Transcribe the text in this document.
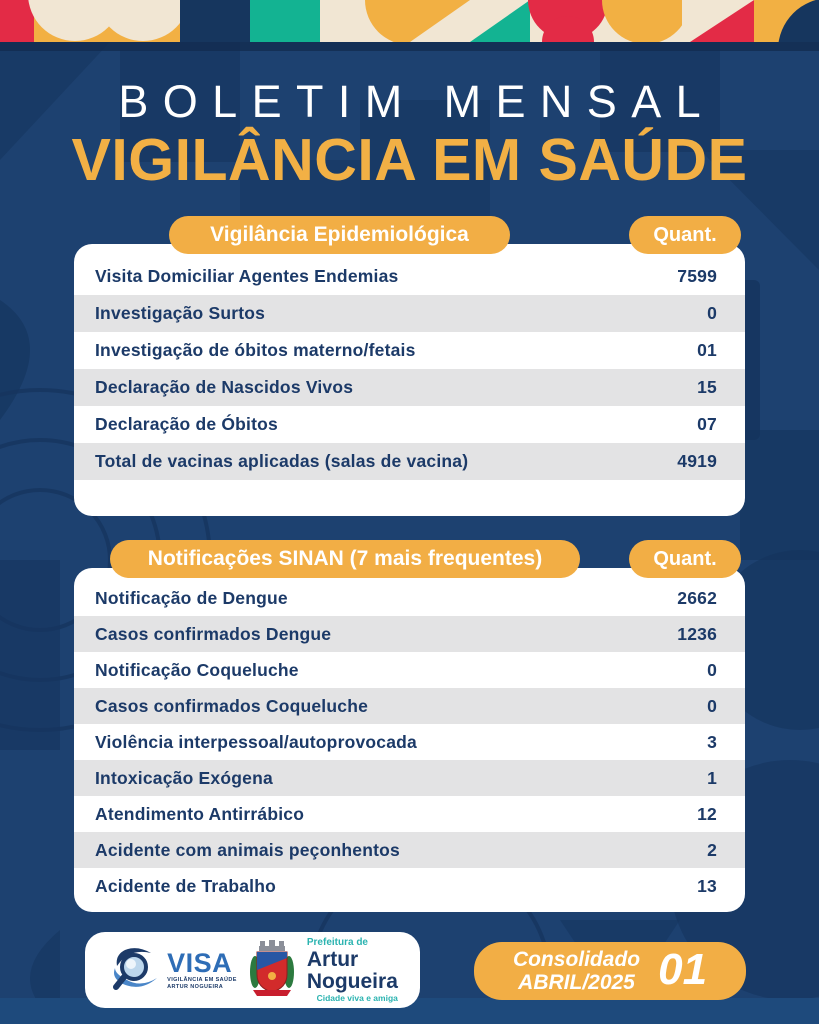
BOLETIM MENSAL
VIGILÂNCIA EM SAÚDE
Vigilância Epidemiológica	Quant.
Visita Domiciliar Agentes Endemias	7599
Investigação Surtos	0
Investigação de óbitos materno/fetais	01
Declaração de Nascidos Vivos	15
Declaração de Óbitos	07
Total de vacinas aplicadas (salas de vacina)	4919
Notificações SINAN (7 mais frequentes)	Quant.
Notificação de Dengue	2662
Casos confirmados Dengue	1236
Notificação Coqueluche	0
Casos confirmados Coqueluche	0
Violência interpessoal/autoprovocada	3
Intoxicação Exógena	1
Atendimento Antirrábico	12
Acidente com animais peçonhentos	2
Acidente de Trabalho	13
VISA
VIGILÂNCIA EM SAÚDE
ARTUR NOGUEIRA
Prefeitura de
Artur
Nogueira
Cidade viva e amiga
Consolidado
ABRIL/2025 01
